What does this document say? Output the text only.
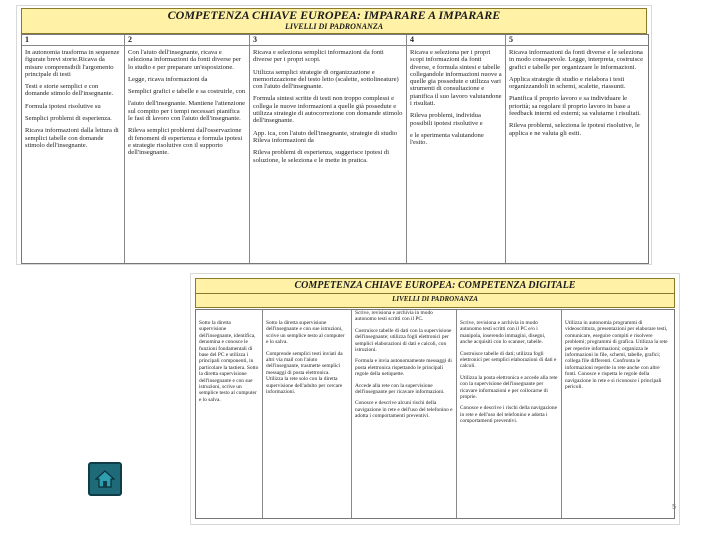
COMPETENZA CHIAVE EUROPEA: IMPARARE A IMPARARE
LIVELLI DI PADRONANZA
1

In autonomia trasforma in sequenze figurate brevi storie.Ricava da misure comprensibili l'argomento principale di testi

Testi e storie semplici e con domande stimolo dell'insegnante.

Formula ipotesi risolutive su

Semplici problemi di esperienza.

Ricava informazioni dalla lettura di semplici tabelle con domande stimolo dell'insegnante.

2

Con l'aiuto dell'insegnante, ricava e seleziona informazioni da fonti diverse per lo studio e per preparare un'esposizione.

Legge, ricava informazioni da

Semplici grafici e tabelle e sa costruirle, con

l'aiuto dell'insegnante. Mantiene l'attenzione sul compito per i tempi necessari pianifica le fasi di lavoro con l'aiuto dell'insegnante.

Rileva semplici problemi dall'osservazione di fenomeni di esperienza e formula ipotesi e strategie risolutive con il supporto dell'insegnante.

3

Ricava e seleziona semplici informazioni da fonti diverse per i propri scopi.

Utilizza semplici strategie di organizzazione e memorizzazione del testo letto (scalette, sottolineature) con l'aiuto dell'insegnante.

Formula sintesi scritte di testi non troppo complessi e collega le nuove informazioni a quelle già possedute e utilizza strategie di autocorrezione con domande stimolo dell'insegnante.

App. ica, con l'aiuto dell'insegnante, strategie di studio Rileva informazioni da

Rileva problemi di esperienza, suggerisce ipotesi di soluzione, le seleziona e le mette in pratica.

4

Ricava e seleziona per i propri scopi informazioni da fonti diverse, e formula sintesi e tabelle collegandole informazioni nuove a quelle gia possedute e utilizza vari strumenti di consultazione e pianifica il suo lavoro valutandone i risultati.

Rileva problemi, individua possibili ipotesi risolutive e

e le sperimenta valutandone l'esito.

5

Ricava informazioni da fonti diverse e le seleziona in modo consapevole. Legge, interpreta, costruisce grafici e tabelle per organizzare le informazioni.

Applica strategie di studio e rielabora i testi organizzandoli in schemi, scalette, riassunti.

Pianifica il proprio lavoro e sa individuare le priorità; sa regolare il proprio lavoro in base a feedback interni ed esterni; sa valutarne i risultati.

Rileva problemi, seleziona le ipotesi risolutive, le applica e ne valuta gli esiti.

COMPETENZA CHIAVE EUROPEA: COMPETENZA DIGITALE
LIVELLI DI PADRONANZA

Sotto la diretta supervisione dell'insegnante, identifica, denomina e conosce le funzioni fondamentali di base del PC e utilizza i principali componenti, in particolare la tastiera. Sotto la diretta supervisione dell'insegnante e con sue istruzioni, scrive un semplice testo al computer e lo salva.

Sotto la diretta supervisione dell'insegnante e con sue istruzioni, scrive un semplice testo al computer e lo salva.

Comprende semplici testi inviati da altri via mail con l'aiuto dell'insegnante, trasmette semplici messaggi di posta elettronica. Utilizza la rete solo con la diretta supervisione dell'adulto per cercare informazioni.

Scrive, revisiona e archivia in modo autonomo testi scritti con il PC.

Costruisce tabelle di dati con la supervisione dell'insegnante; utilizza fogli elettronici per semplici elaborazioni di dati e calcoli, con istruzioni.

Formula e invia autonomamente messaggi di posta elettronica rispettando le principali regole della netiquette.

Accede alla rete con la supervisione dell'insegnante per ricavare informazioni.

Conosce e descrive alcuni rischi della navigazione in rete e dell'uso del telefonino e adotta i comportamenti preventivi.

Scrive, revisiona e archivia in modo autonomo testi scritti con il PC e/o i manipola, inserendo immagini, disegni, anche acquisiti con lo scanner, tabelle.

Costruisce tabelle di dati; utilizza fogli elettronici per semplici elaborazioni di dati e calcoli.

Utilizza la posta elettronica e accede alla rete con la supervisione dell'insegnante per ricavare informazioni e per collocarne di proprie.

Conosce e descrive i rischi della navigazione in rete e dell'uso del telefonino e adotta i comportamenti preventivi.

Utilizza in autonomia programmi di videoscrittura, presentazioni per elaborare testi, comunicare, eseguire compiti e risolvere problemi; programmi di grafica. Utilizza la rete per reperire informazioni; organizza le informazioni in file, schemi, tabelle, grafici; collega file differenti. Confronta le informazioni reperite in rete anche con altre fonti. Conosce e rispetta le regole della navigazione in rete e si riconosce i principali pericoli.

5
